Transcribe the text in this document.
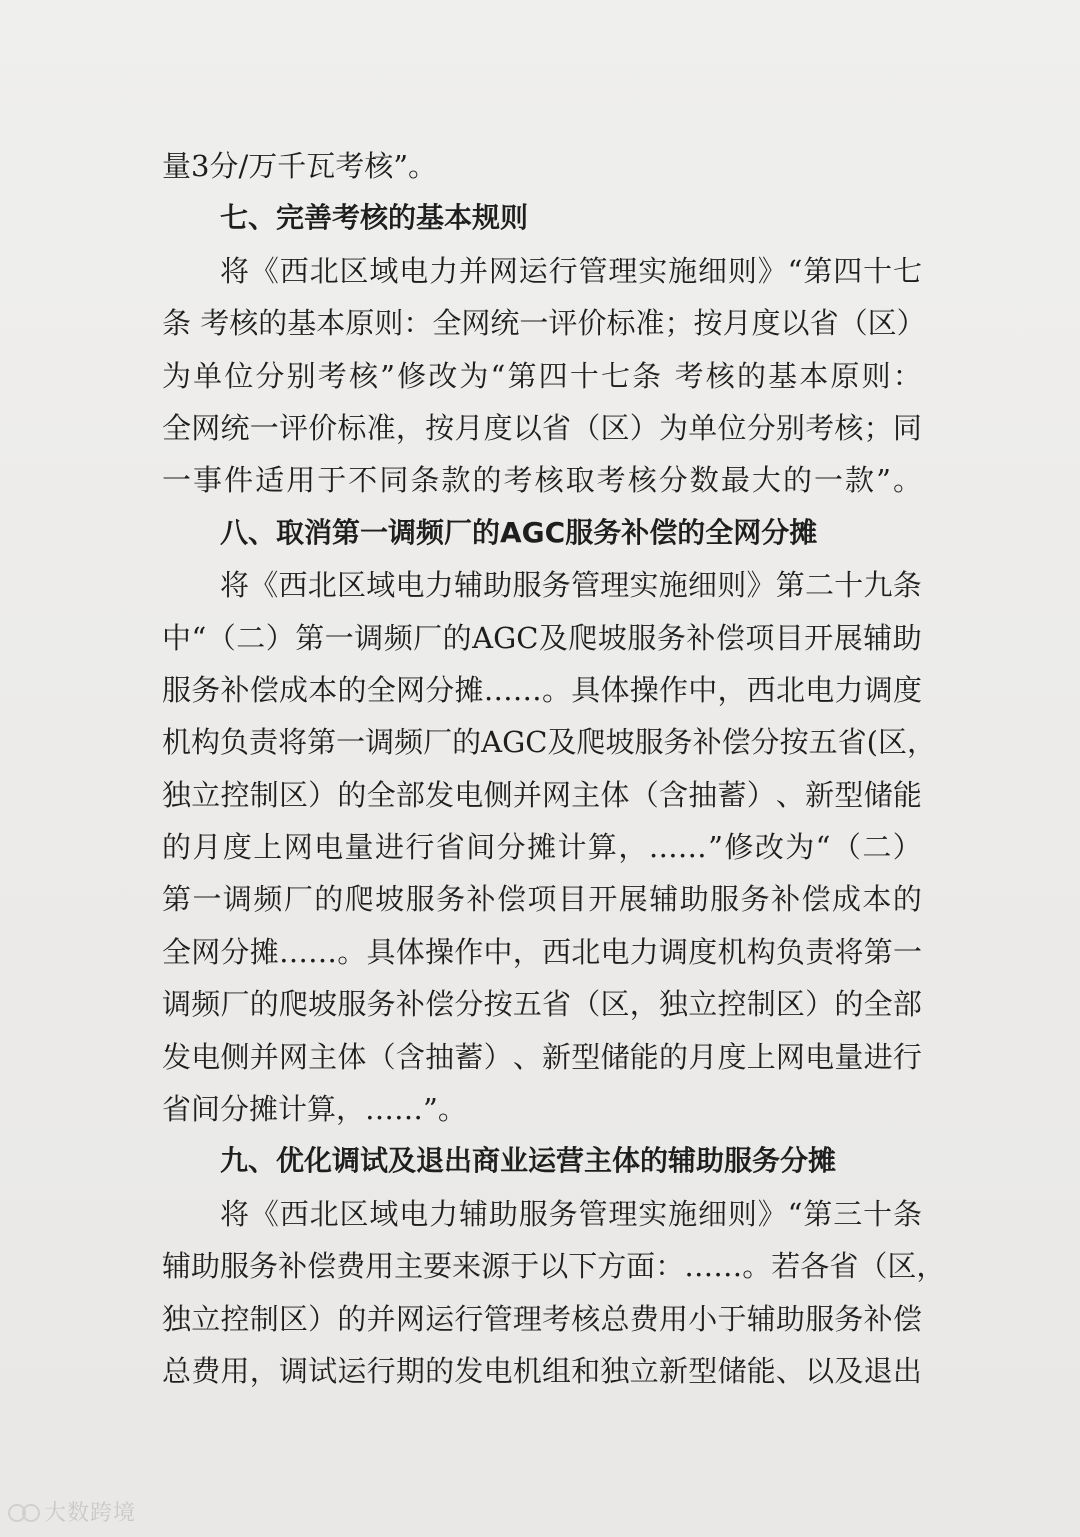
量3分/万千瓦考核”。
七、完善考核的基本规则
将 《 西 北 区 域 电 力 并 网 运 行 管 理 实 施 细 则 》 “ 第 四 十 七
条
考 核 的 基 本 原 则 ： 全 网 统 一 评 价 标 准 ； 按 月 度 以 省 （ 区 ）
为 单 位 分 别 考 核 ” 修 改 为 “ 第 四 十 七 条
考 核 的 基 本 原 则 ：
全 网 统 一 评 价 标 准 ， 按 月 度 以 省 （ 区 ） 为 单 位 分 别 考 核 ； 同
一 事 件 适 用 于 不 同 条 款 的 考 核 取 考 核 分 数 最 大 的 一 款 ” 。
八、取消第一调频厂的AGC服务补偿的全网分摊
将 《 西 北 区 域 电 力 辅 助 服 务 管 理 实 施 细 则 》 第 二 十 九 条
中 “ （ 二 ） 第 一 调 频 厂 的 AGC 及 爬 坡 服 务 补 偿 项 目 开 展 辅 助
服 务 补 偿 成 本 的 全 网 分 摊 …… 。 具 体 操 作 中 ， 西 北 电 力 调 度
机 构 负 责 将 第 一 调 频 厂 的 AGC 及 爬 坡 服 务 补 偿 分 按 五 省 ( 区 ，
独 立 控 制 区 ） 的 全 部 发 电 侧 并 网 主 体 （ 含 抽 蓄 ） 、 新 型 储 能
的 月 度 上 网 电 量 进 行 省 间 分 摊 计 算 ， …… ” 修 改 为 “ （ 二 ）
第 一 调 频 厂 的 爬 坡 服 务 补 偿 项 目 开 展 辅 助 服 务 补 偿 成 本 的
全 网 分 摊 …… 。 具 体 操 作 中 ， 西 北 电 力 调 度 机 构 负 责 将 第 一
调 频 厂 的 爬 坡 服 务 补 偿 分 按 五 省 （ 区 ， 独 立 控 制 区 ） 的 全 部
发 电 侧 并 网 主 体 （ 含 抽 蓄 ） 、 新 型 储 能 的 月 度 上 网 电 量 进 行
省间分摊计算，……”。
九、优化调试及退出商业运营主体的辅助服务分摊
将 《 西 北 区 域 电 力 辅 助 服 务 管 理 实 施 细 则 》 “ 第 三 十 条
辅 助 服 务 补 偿 费 用 主 要 来 源 于 以 下 方 面 ： …… 。 若 各 省 （ 区 ，
独 立 控 制 区 ） 的 并 网 运 行 管 理 考 核 总 费 用 小 于 辅 助 服 务 补 偿
总 费 用 ， 调 试 运 行 期 的 发 电 机 组 和 独 立 新 型 储 能 、 以 及 退 出
大数跨境
